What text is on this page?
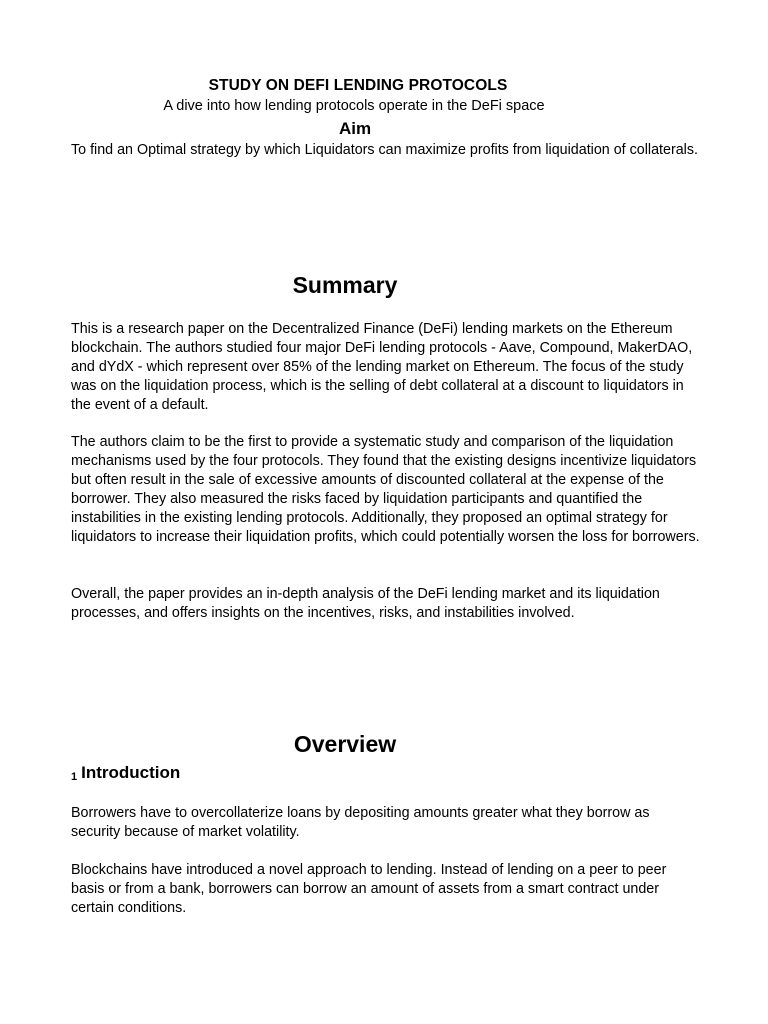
STUDY ON DEFI LENDING PROTOCOLS

A dive into how lending protocols operate in the DeFi space

Aim

To find an Optimal strategy by which Liquidators can maximize profits from liquidation of collaterals.

Summary

This is a research paper on the Decentralized Finance (DeFi) lending markets on the Ethereum blockchain. The authors studied four major DeFi lending protocols - Aave, Compound, MakerDAO, and dYdX - which represent over 85% of the lending market on Ethereum. The focus of the study was on the liquidation process, which is the selling of debt collateral at a discount to liquidators in the event of a default.

The authors claim to be the first to provide a systematic study and comparison of the liquidation mechanisms used by the four protocols. They found that the existing designs incentivize liquidators but often result in the sale of excessive amounts of discounted collateral at the expense of the borrower. They also measured the risks faced by liquidation participants and quantified the instabilities in the existing lending protocols. Additionally, they proposed an optimal strategy for liquidators to increase their liquidation profits, which could potentially worsen the loss for borrowers.

Overall, the paper provides an in-depth analysis of the DeFi lending market and its liquidation processes, and offers insights on the incentives, risks, and instabilities involved.

Overview
1 Introduction

Borrowers have to overcollaterize loans by depositing amounts greater what they borrow as security because of market volatility.

Blockchains have introduced a novel approach to lending. Instead of lending on a peer to peer basis or from a bank, borrowers can borrow an amount of assets from a smart contract under certain conditions.
